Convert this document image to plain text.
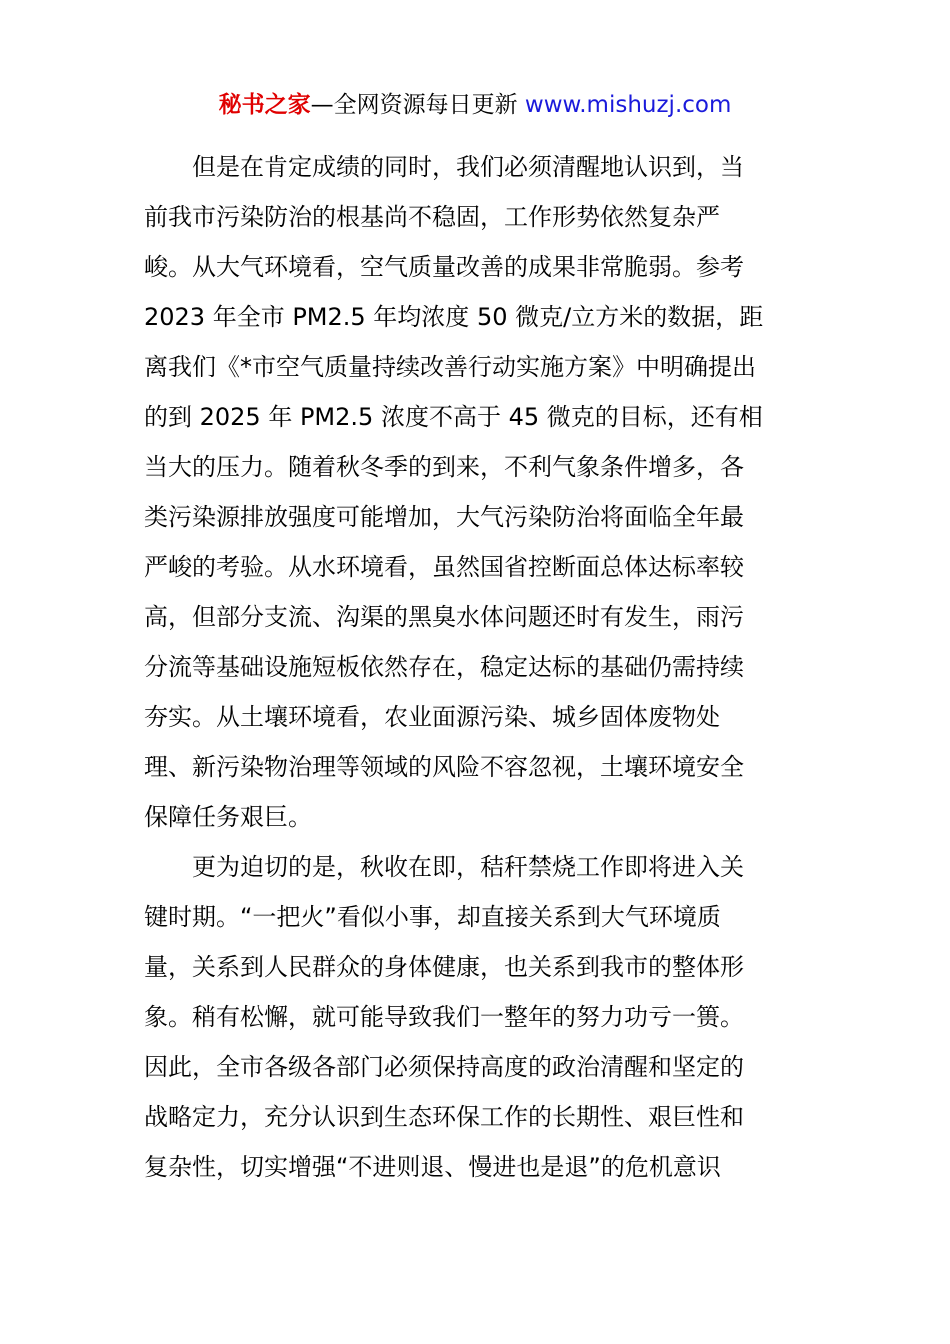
秘书之家—全网资源每日更新 www.mishuzj.com
但是在肯定成绩的同时，我们必须清醒地认识到，当
前我市污染防治的根基尚不稳固，工作形势依然复杂严
峻。从大气环境看，空气质量改善的成果非常脆弱。参考
2023 年全市 PM2.5 年均浓度 50 微克/立方米的数据，距
离我们《*市空气质量持续改善行动实施方案》中明确提出
的到 2025 年 PM2.5 浓度不高于 45 微克的目标，还有相
当大的压力。随着秋冬季的到来，不利气象条件增多，各
类污染源排放强度可能增加，大气污染防治将面临全年最
严峻的考验。从水环境看，虽然国省控断面总体达标率较
高，但部分支流、沟渠的黑臭水体问题还时有发生，雨污
分流等基础设施短板依然存在，稳定达标的基础仍需持续
夯实。从土壤环境看，农业面源污染、城乡固体废物处
理、新污染物治理等领域的风险不容忽视，土壤环境安全
保障任务艰巨。
更为迫切的是，秋收在即，秸秆禁烧工作即将进入关
键时期。“一把火”看似小事，却直接关系到大气环境质
量，关系到人民群众的身体健康，也关系到我市的整体形
象。稍有松懈，就可能导致我们一整年的努力功亏一篑。
因此，全市各级各部门必须保持高度的政治清醒和坚定的
战略定力，充分认识到生态环保工作的长期性、艰巨性和
复杂性，切实增强“不进则退、慢进也是退”的危机意识
